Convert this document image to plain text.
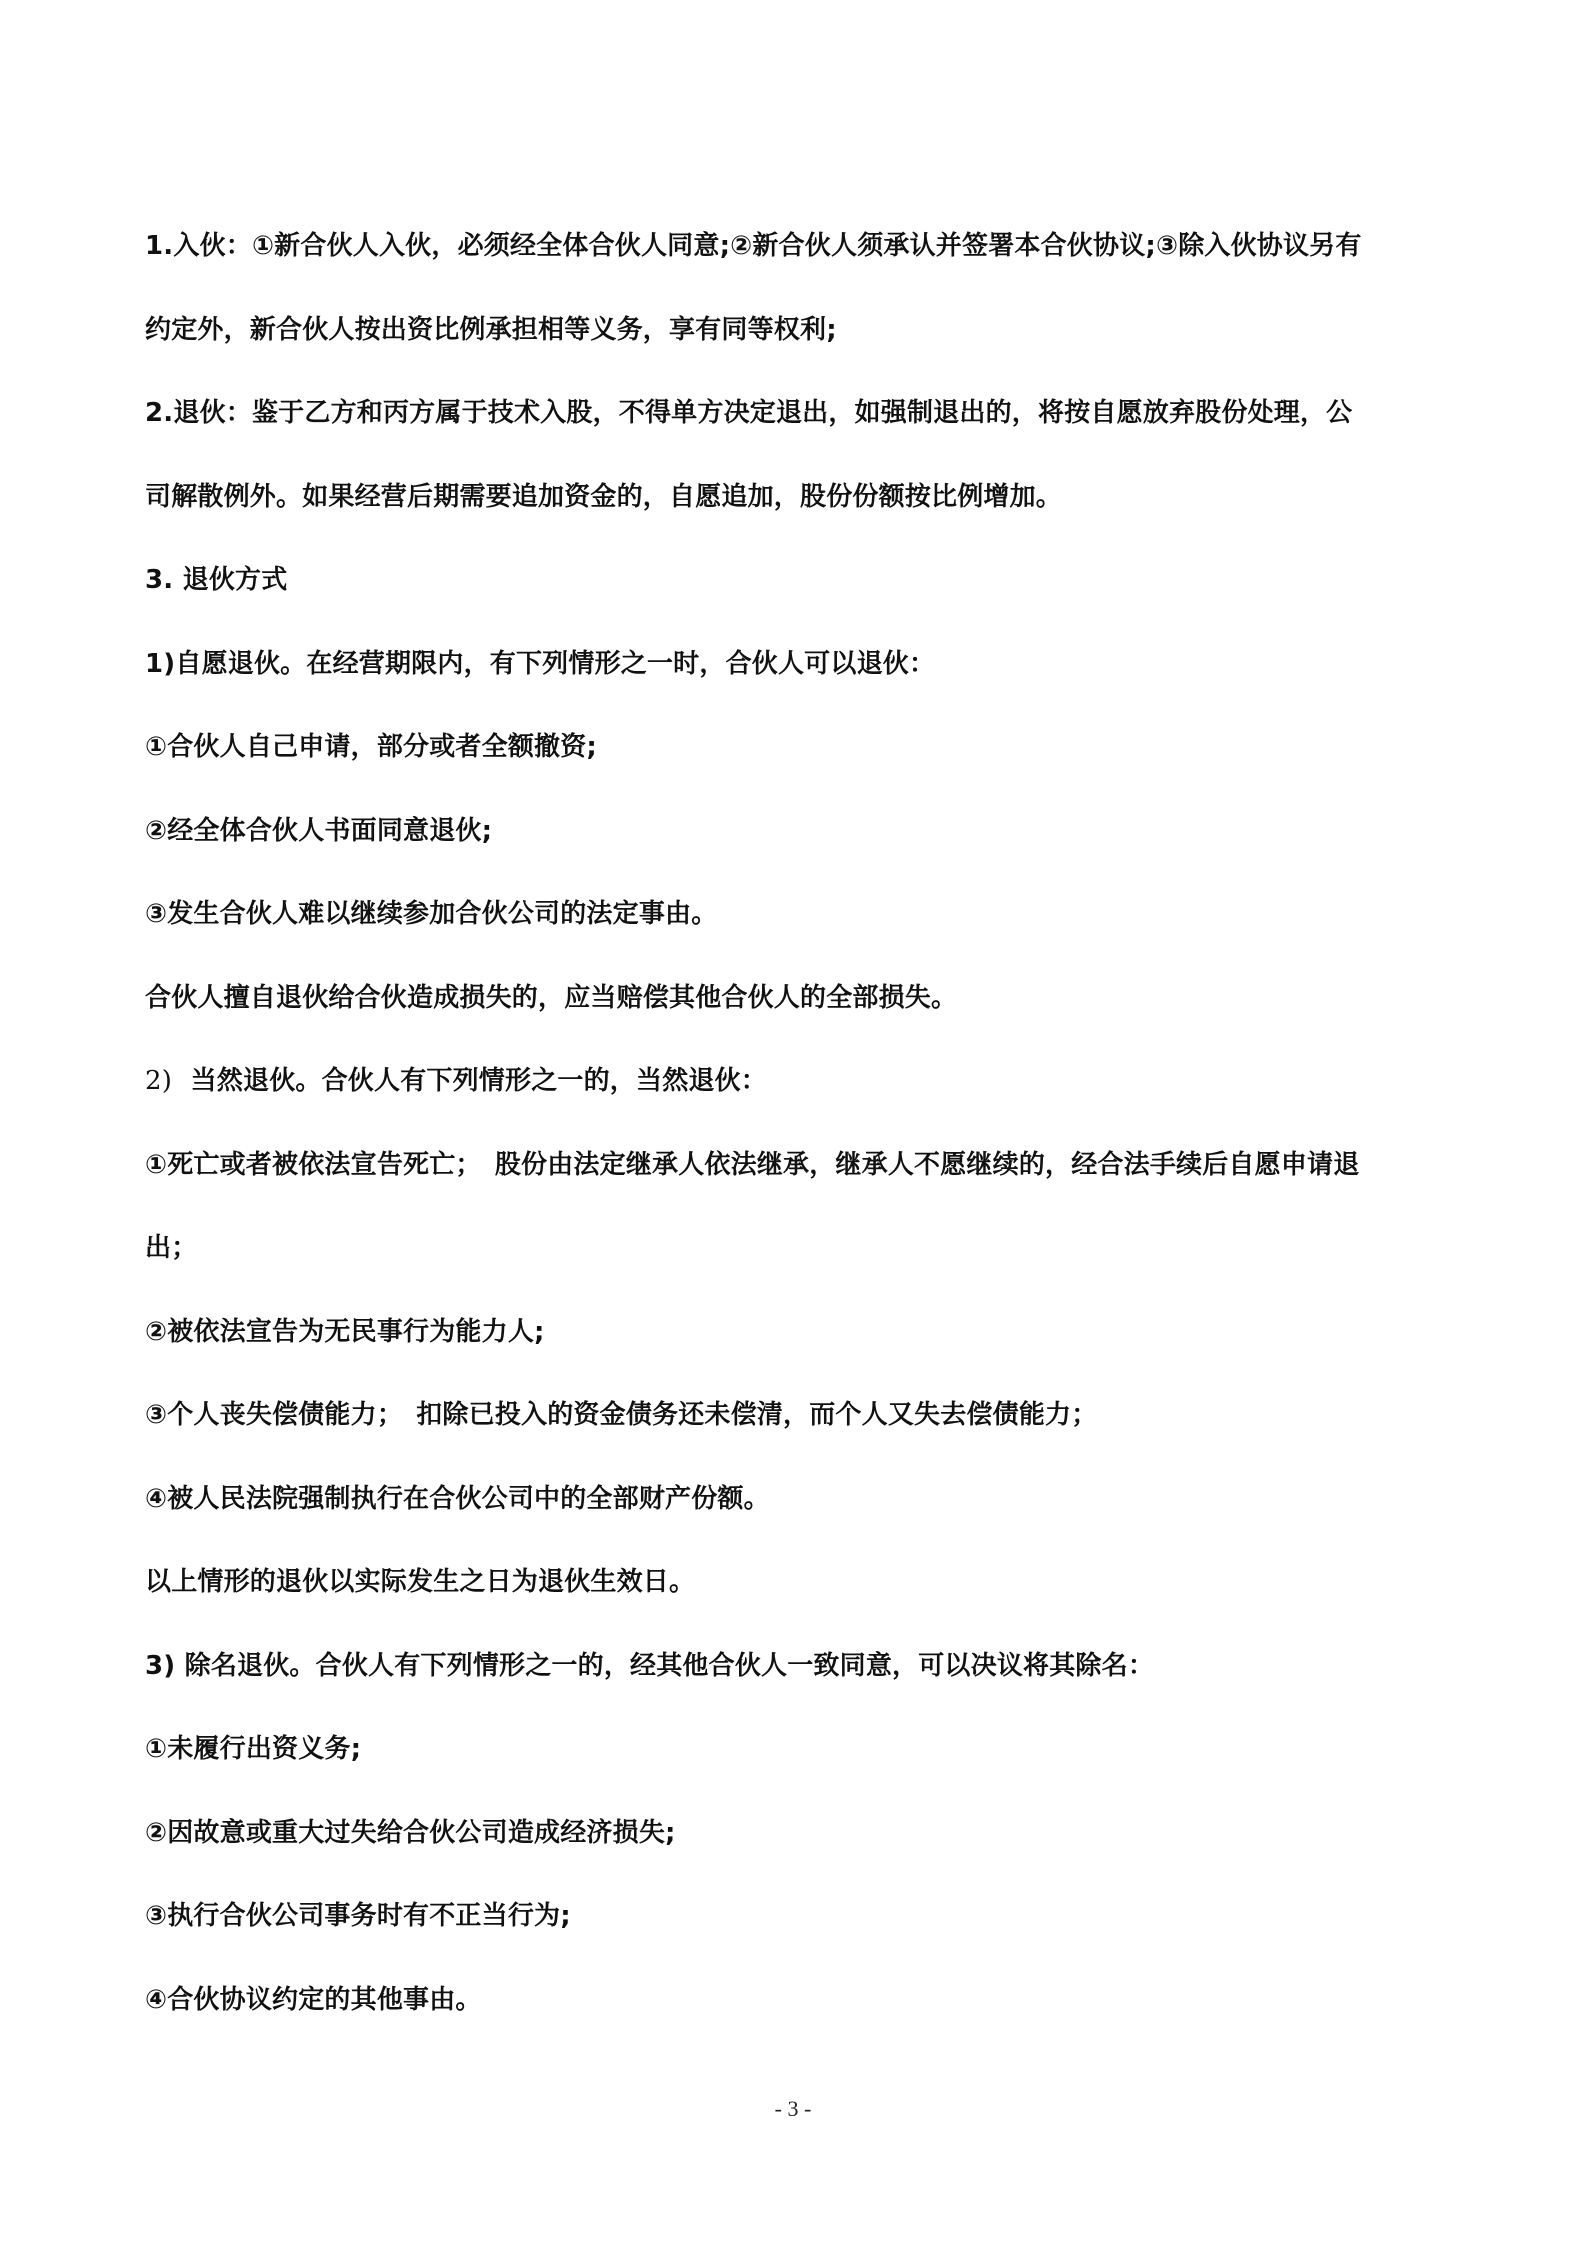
1.入伙：①新合伙人入伙，必须经全体合伙人同意;②新合伙人须承认并签署本合伙协议;③除入伙协议另有
约定外，新合伙人按出资比例承担相等义务，享有同等权利;
2.退伙：鉴于乙方和丙方属于技术入股，不得单方决定退出，如强制退出的，将按自愿放弃股份处理，公
司解散例外。如果经营后期需要追加资金的，自愿追加，股份份额按比例增加。
3. 退伙方式
1)自愿退伙。在经营期限内，有下列情形之一时，合伙人可以退伙：
①合伙人自己申请，部分或者全额撤资;
②经全体合伙人书面同意退伙;
③发生合伙人难以继续参加合伙公司的法定事由。
合伙人擅自退伙给合伙造成损失的，应当赔偿其他合伙人的全部损失。
2) 当然退伙。合伙人有下列情形之一的，当然退伙：
①死亡或者被依法宣告死亡；　股份由法定继承人依法继承，继承人不愿继续的，经合法手续后自愿申请退
出；
②被依法宣告为无民事行为能力人;
③个人丧失偿债能力；　扣除已投入的资金债务还未偿清，而个人又失去偿债能力；
④被人民法院强制执行在合伙公司中的全部财产份额。
以上情形的退伙以实际发生之日为退伙生效日。
3) 除名退伙。合伙人有下列情形之一的，经其他合伙人一致同意，可以决议将其除名：
①未履行出资义务;
②因故意或重大过失给合伙公司造成经济损失;
③执行合伙公司事务时有不正当行为;
④合伙协议约定的其他事由。
- 3 -
